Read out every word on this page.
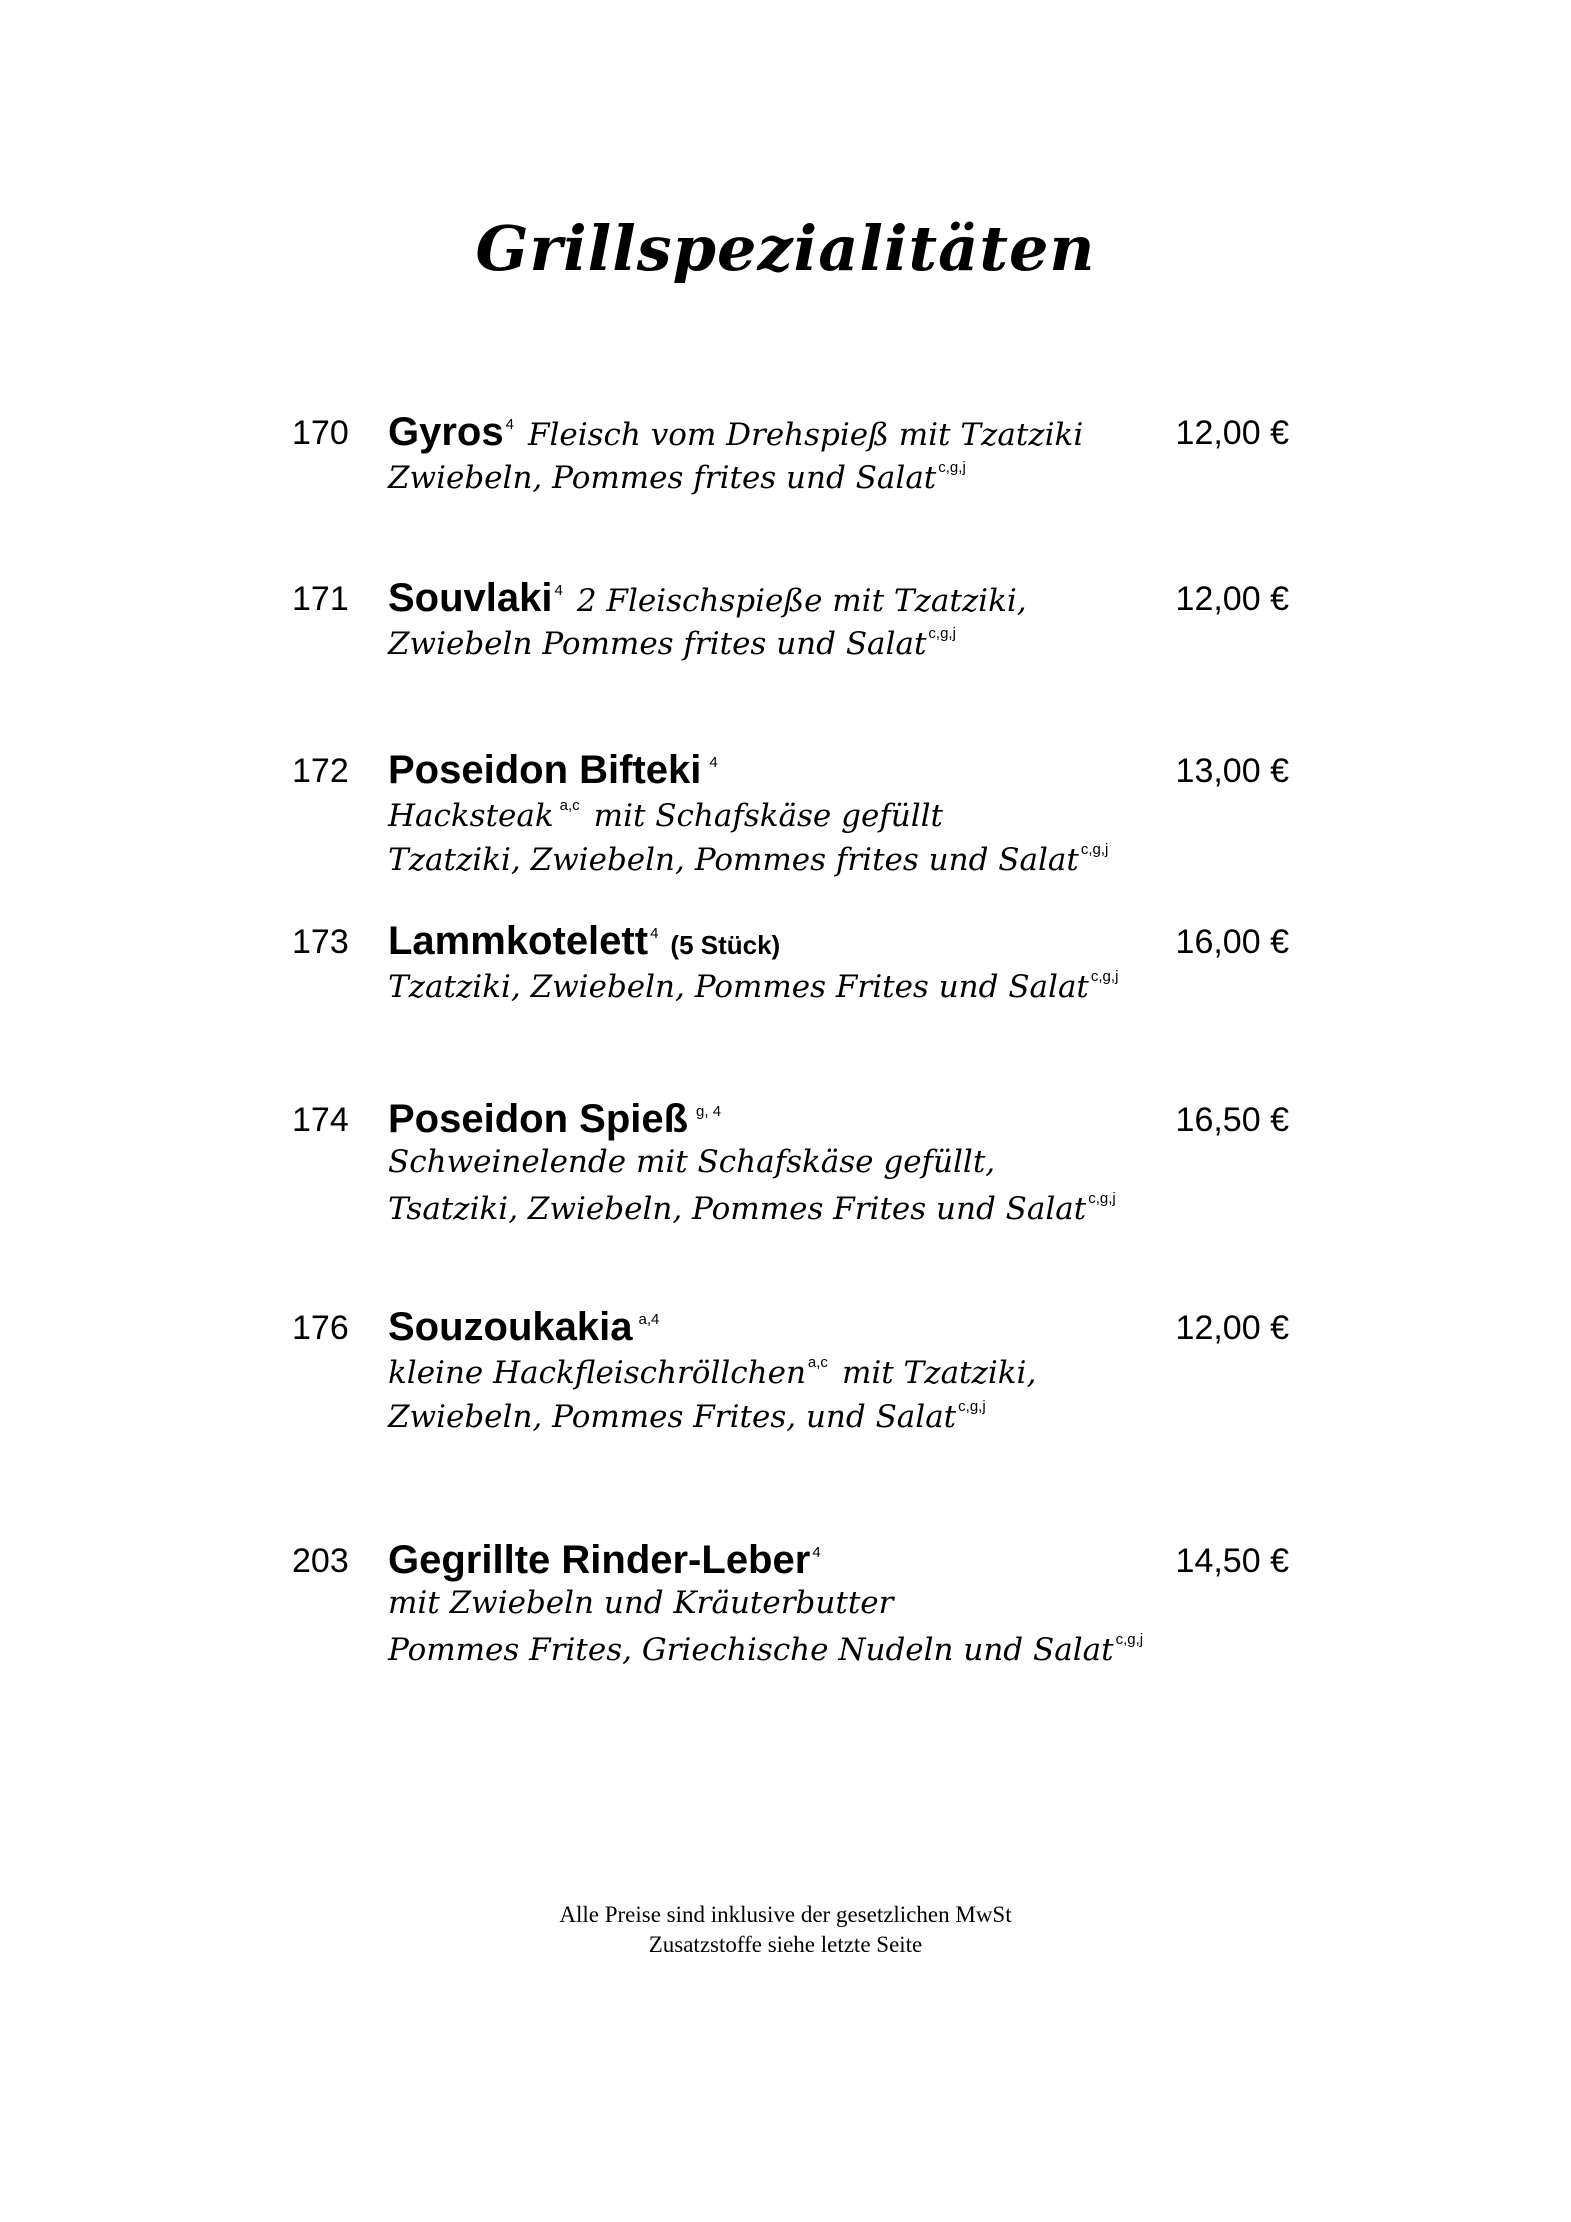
Grillspezialitäten
170 Gyros $^4$ Fleisch vom Drehspieß mit Tzatziki	12,00 €
Zwiebeln, Pommes frites und Salat $^{c,g,j}$
171 Souvlaki $^4$ 2 Fleischspieße mit Tzatziki,	12,00 €
Zwiebeln Pommes frites und Salat $^{c,g,j}$
172 Poseidon Bifteki $^4$	13,00 €
Hacksteak $^{a,c}$ mit Schafskäse gefüllt
Tzatziki, Zwiebeln, Pommes frites und Salat $^{c,g,j}$
173 Lammkotelett $^4$ (5 Stück)	16,00 €
Tzatziki, Zwiebeln, Pommes Frites und Salat $^{c,g,j}$
174 Poseidon Spieß $^{g, 4}$	16,50 €
Schweinelende mit Schafskäse gefüllt,
Tsatziki, Zwiebeln, Pommes Frites und Salat $^{c,g,j}$
176 Souzoukakia $^{a,4}$	12,00 €
kleine Hackfleischröllchen $^{a,c}$ mit Tzatziki,
Zwiebeln, Pommes Frites, und Salat $^{c,g,j}$
203 Gegrillte Rinder-Leber $^4$	14,50 €
mit Zwiebeln und Kräuterbutter
Pommes Frites, Griechische Nudeln und Salat $^{c,g,j}$
Alle Preise sind inklusive der gesetzlichen MwSt
Zusatzstoffe siehe letzte Seite
